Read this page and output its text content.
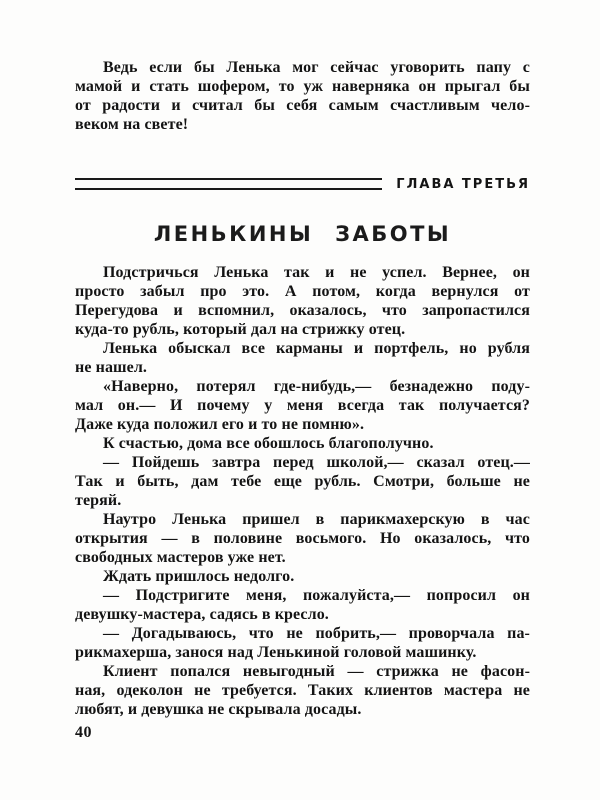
Ведь если бы Ленька мог сейчас уговорить папу с
мамой и стать шофером, то уж наверняка он прыгал бы
от радости и считал бы себя самым счастливым чело-
веком на свете!

ГЛАВА ТРЕТЬЯ
ЛЕНЬКИНЫ ЗАБОТЫ

Подстричься Ленька так и не успел. Вернее, он
просто забыл про это. А потом, когда вернулся от
Перегудова и вспомнил, оказалось, что запропастился
куда-то рубль, который дал на стрижку отец.

Ленька обыскал все карманы и портфель, но рубля
не нашел.

«Наверно, потерял где-нибудь,— безнадежно поду-
мал он.— И почему у меня всегда так получается?
Даже куда положил его и то не помню».

К счастью, дома все обошлось благополучно.

— Пойдешь завтра перед школой,— сказал отец.—
Так и быть, дам тебе еще рубль. Смотри, больше не
теряй.

Наутро Ленька пришел в парикмахерскую в час
открытия — в половине восьмого. Но оказалось, что
свободных мастеров уже нет.

Ждать пришлось недолго.

— Подстригите меня, пожалуйста,— попросил он
девушку-мастера, садясь в кресло.

— Догадываюсь, что не побрить,— проворчала па-
рикмахерша, занося над Ленькиной головой машинку.

Клиент попался невыгодный — стрижка не фасон-
ная, одеколон не требуется. Таких клиентов мастера не
любят, и девушка не скрывала досады.

40
